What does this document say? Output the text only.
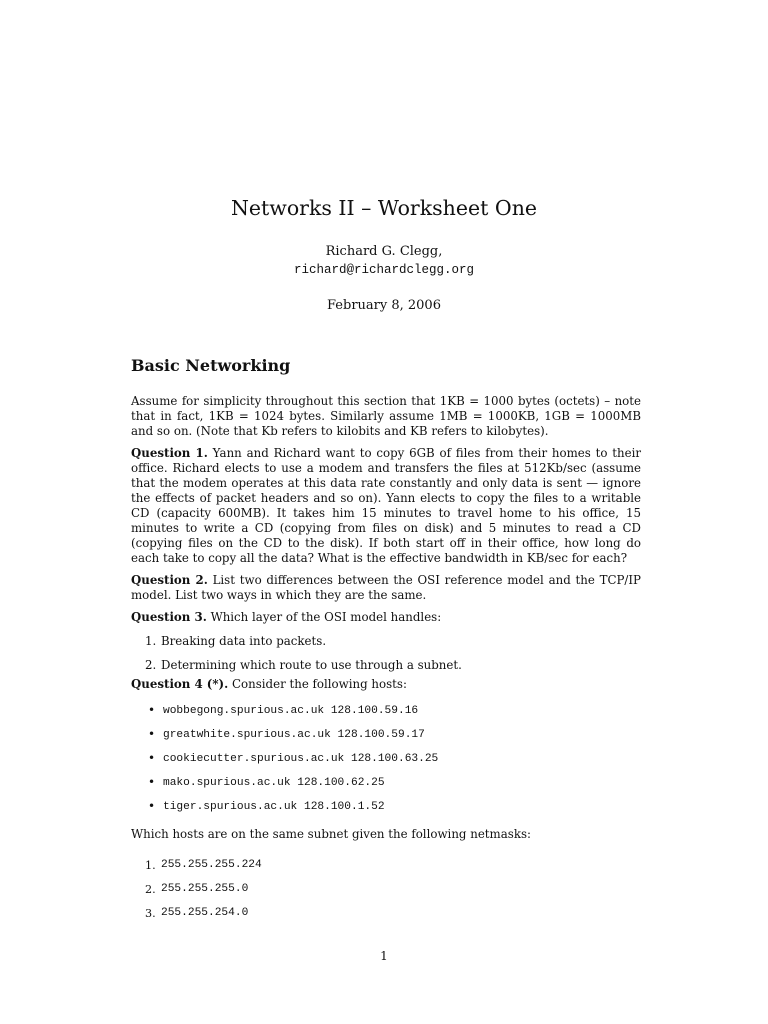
Networks II – Worksheet One
Richard G. Clegg,
richard@richardclegg.org
February 8, 2006
Basic Networking

Assume for simplicity throughout this section that 1KB = 1000 bytes (octets) – note that in fact, 1KB = 1024 bytes. Similarly assume 1MB = 1000KB, 1GB = 1000MB and so on. (Note that Kb refers to kilobits and KB refers to kilobytes).

Question 1. Yann and Richard want to copy 6GB of files from their homes to their office. Richard elects to use a modem and transfers the files at 512Kb/sec (assume that the modem operates at this data rate constantly and only data is sent — ignore the effects of packet headers and so on). Yann elects to copy the files to a writable CD (capacity 600MB). It takes him 15 minutes to travel home to his office, 15 minutes to write a CD (copying from files on disk) and 5 minutes to read a CD (copying files on the CD to the disk). If both start off in their office, how long do each take to copy all the data? What is the effective bandwidth in KB/sec for each?

Question 2. List two differences between the OSI reference model and the TCP/IP model. List two ways in which they are the same.

Question 3. Which layer of the OSI model handles:

1. Breaking data into packets.
2. Determining which route to use through a subnet.

Question 4 (*). Consider the following hosts:

• wobbegong.spurious.ac.uk 128.100.59.16
• greatwhite.spurious.ac.uk 128.100.59.17
• cookiecutter.spurious.ac.uk 128.100.63.25
• mako.spurious.ac.uk 128.100.62.25
• tiger.spurious.ac.uk 128.100.1.52

Which hosts are on the same subnet given the following netmasks:

1. 255.255.255.224
2. 255.255.255.0
3. 255.255.254.0
1
